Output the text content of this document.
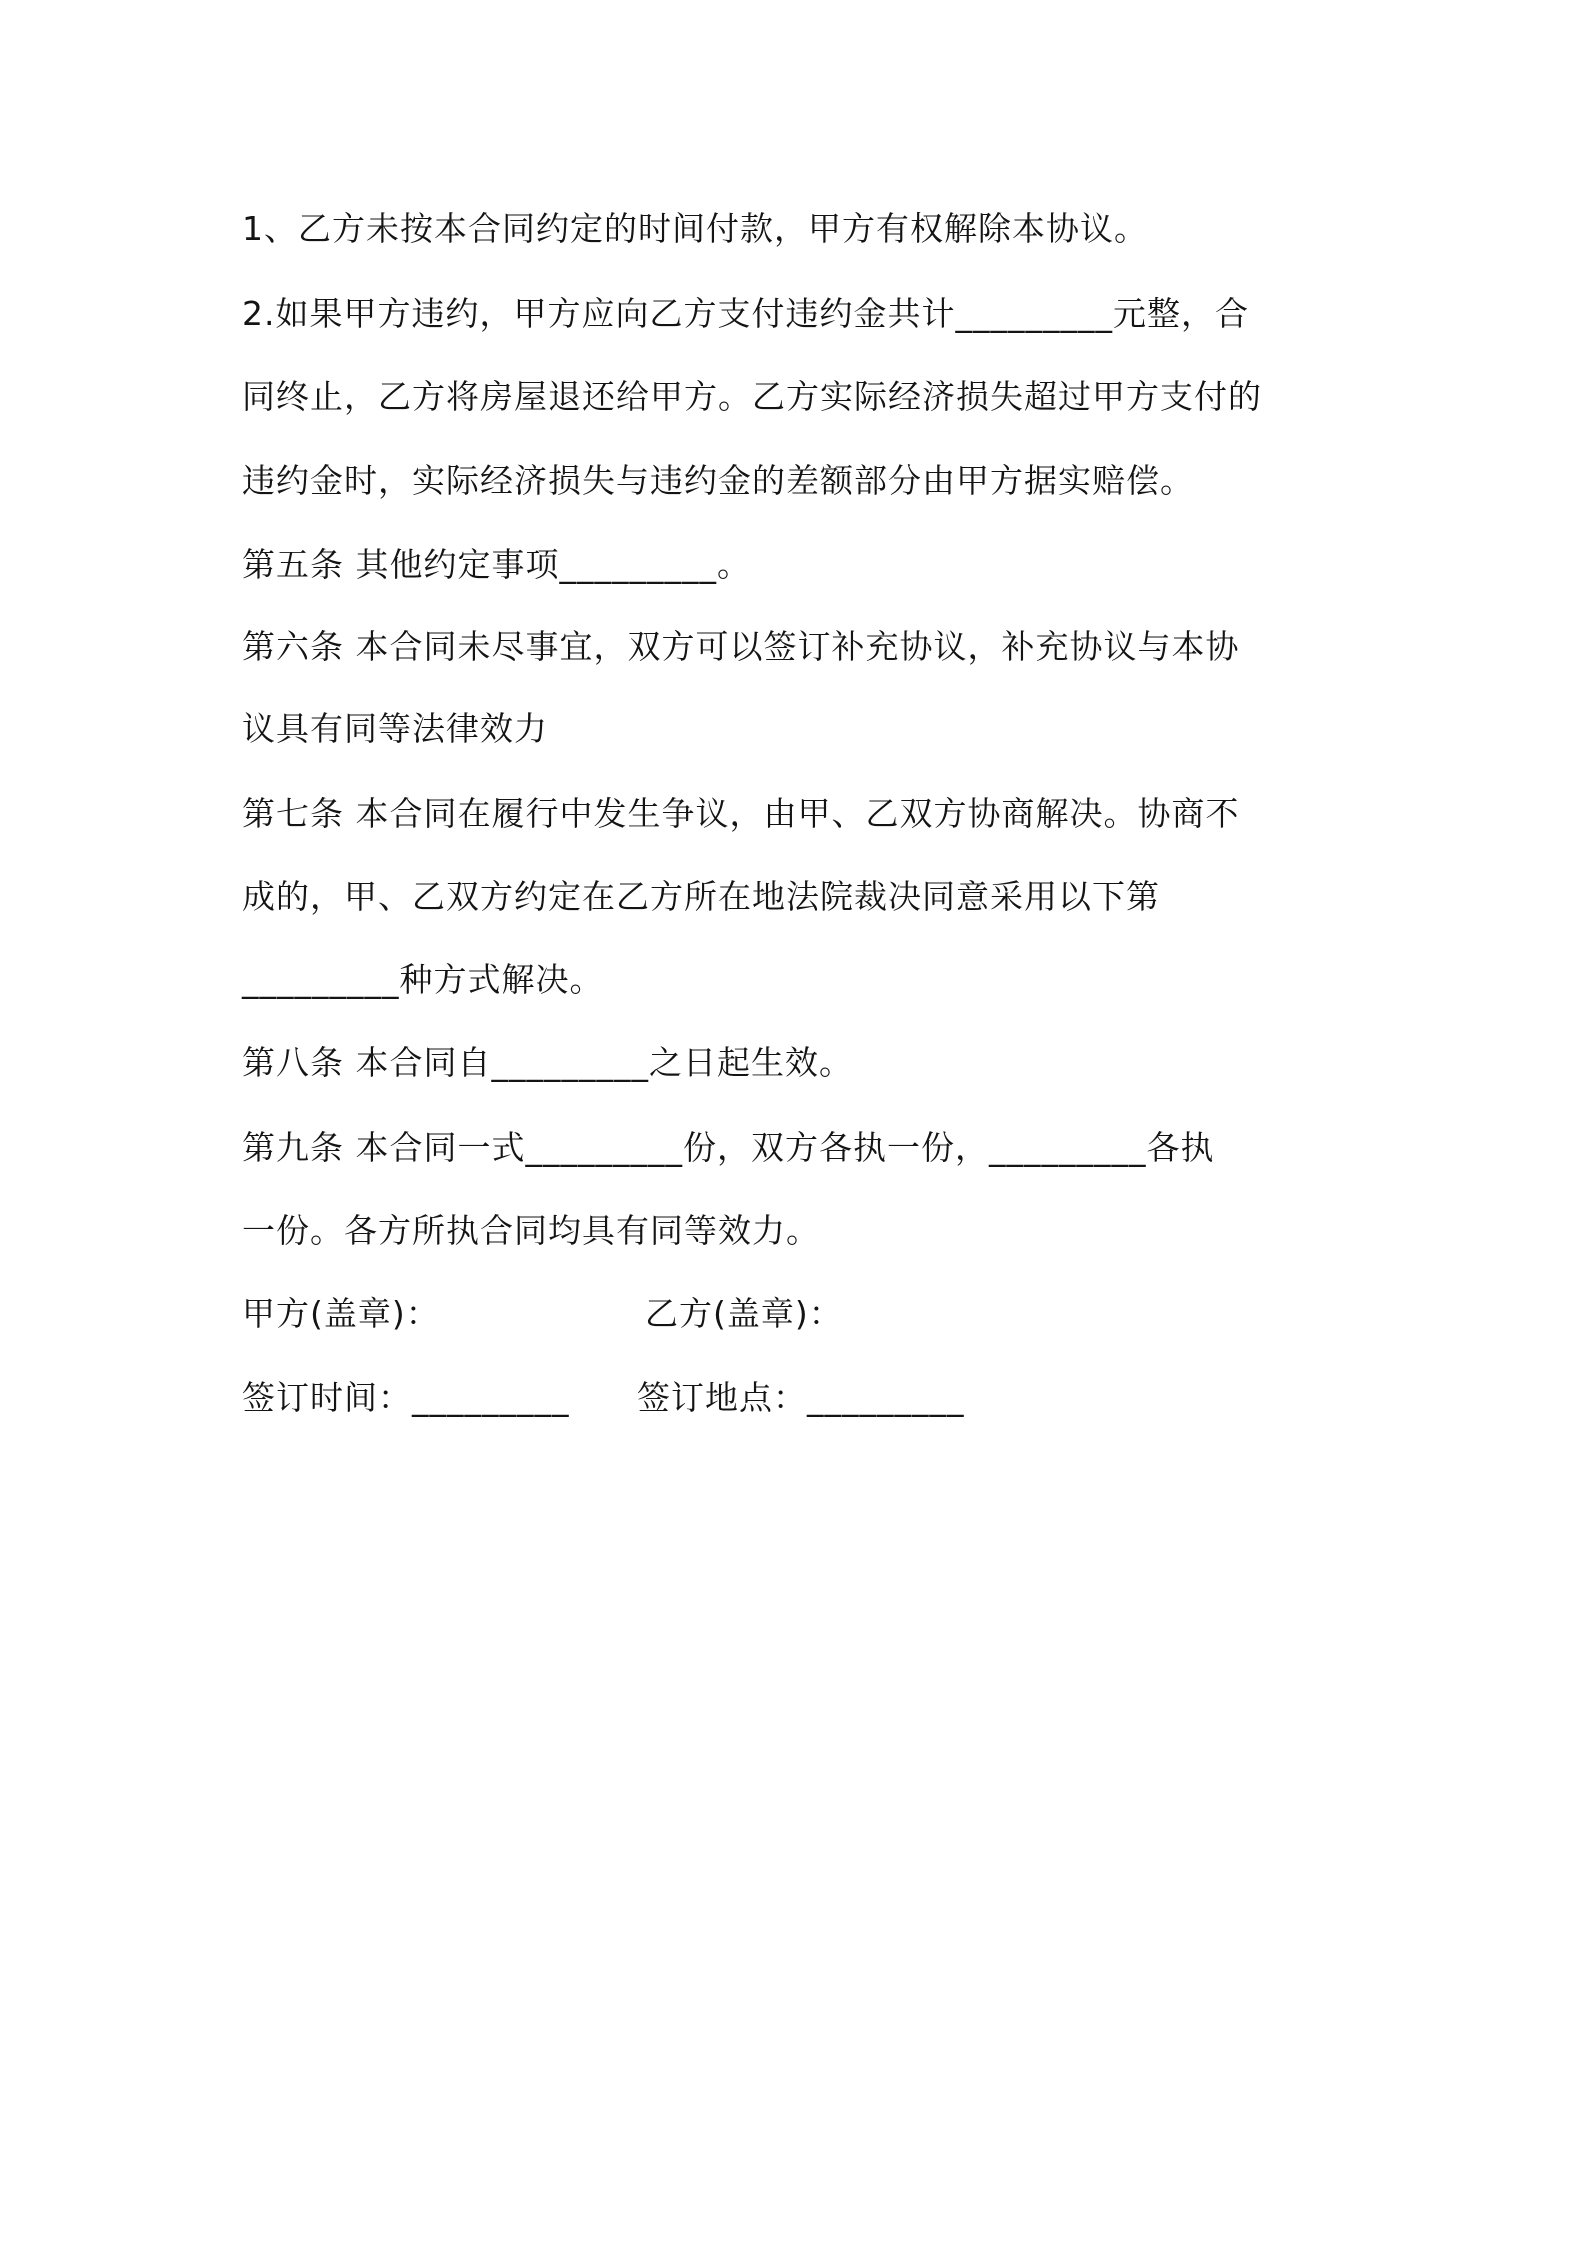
1、乙方未按本合同约定的时间付款，甲方有权解除本协议。
2.如果甲方违约，甲方应向乙方支付违约金共计_________元整，合
同终止，乙方将房屋退还给甲方。乙方实际经济损失超过甲方支付的
违约金时，实际经济损失与违约金的差额部分由甲方据实赔偿。
第五条 其他约定事项_________。
第六条 本合同未尽事宜，双方可以签订补充协议，补充协议与本协
议具有同等法律效力
第七条 本合同在履行中发生争议，由甲、乙双方协商解决。协商不
成的，甲、乙双方约定在乙方所在地法院裁决同意采用以下第
_________种方式解决。
第八条 本合同自_________之日起生效。
第九条 本合同一式_________份，双方各执一份，_________各执
一份。各方所执合同均具有同等效力。
甲方(盖章)：	乙方(盖章)：
签订时间：_________ 签订地点：_________
